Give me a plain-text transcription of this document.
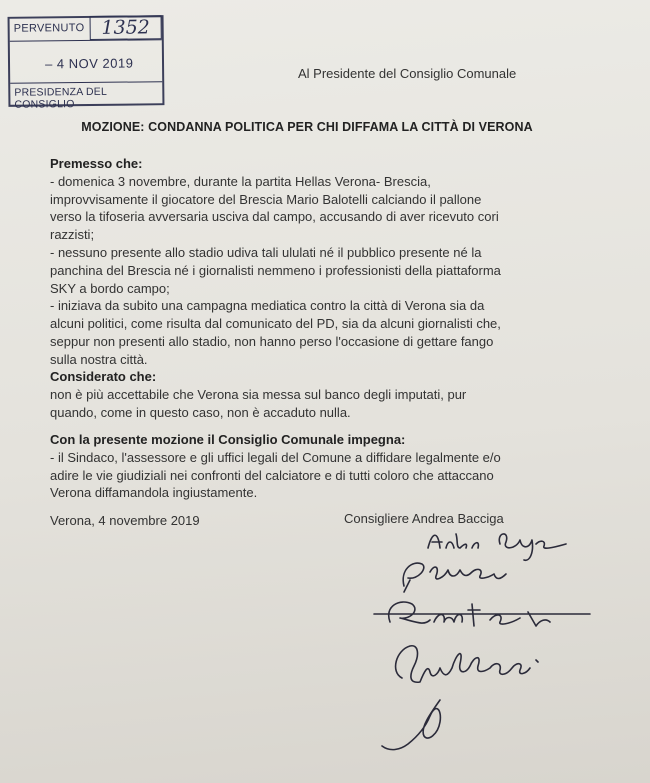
PERVENUTO 1352
– 4 NOV 2019
PRESIDENZA DEL CONSIGLIO
Al Presidente del Consiglio Comunale
MOZIONE: CONDANNA POLITICA PER CHI DIFFAMA LA CITTÀ DI VERONA

Premesso che:

- domenica 3 novembre, durante la partita Hellas Verona- Brescia,

improvvisamente il giocatore del Brescia Mario Balotelli calciando il pallone

verso la tifoseria avversaria usciva dal campo, accusando di aver ricevuto cori

razzisti;

- nessuno presente allo stadio udiva tali ululati né il pubblico presente né la

panchina del Brescia né i giornalisti nemmeno i professionisti della piattaforma

SKY a bordo campo;

- iniziava da subito una campagna mediatica contro la città di Verona sia da

alcuni politici, come risulta dal comunicato del PD, sia da alcuni giornalisti che,

seppur non presenti allo stadio, non hanno perso l'occasione di gettare fango

sulla nostra città.

Considerato che:

non è più accettabile che Verona sia messa sul banco degli imputati, pur

quando, come in questo caso, non è accaduto nulla.

Con la presente mozione il Consiglio Comunale impegna:

- il Sindaco, l'assessore e gli uffici legali del Comune a diffidare legalmente e/o

adire le vie giudiziali nei confronti del calciatore e di tutti coloro che attaccano

Verona diffamandola ingiustamente.

Verona, 4 novembre 2019	Consigliere Andrea Bacciga
